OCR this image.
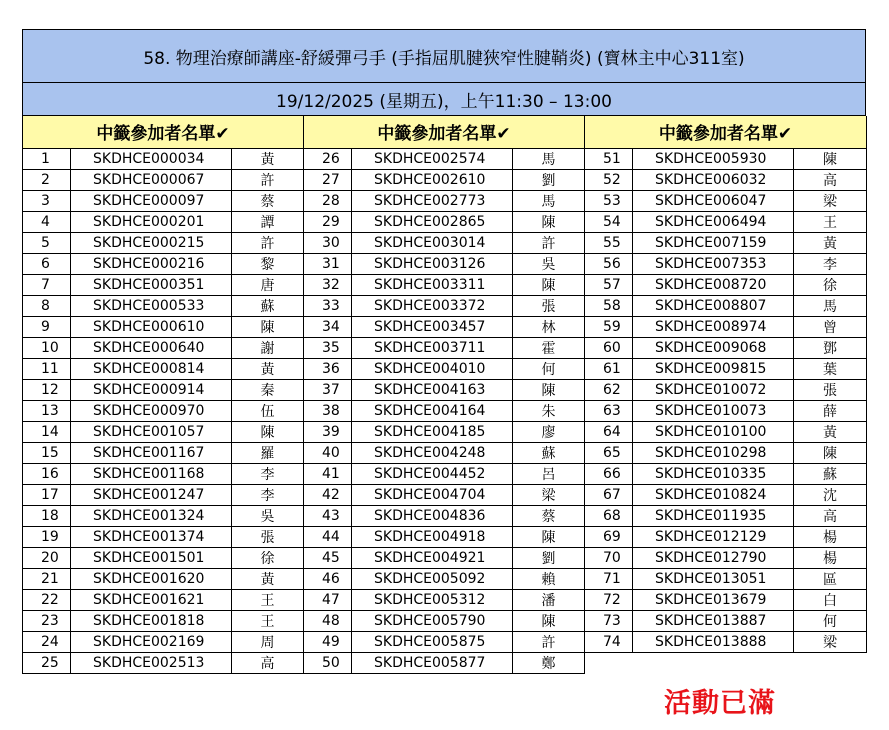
58. 物理治療師講座-舒緩彈弓手 (手指屈肌腱狹窄性腱鞘炎) (寶林主中心311室)
19/12/2025 (星期五)，上午11:30 – 13:00
中籤參加者名單✔			中籤參加者名單✔			中籤參加者名單✔		
1	SKDHCE000034	黃	26	SKDHCE002574	馬	51	SKDHCE005930	陳
2	SKDHCE000067	許	27	SKDHCE002610	劉	52	SKDHCE006032	高
3	SKDHCE000097	蔡	28	SKDHCE002773	馬	53	SKDHCE006047	梁
4	SKDHCE000201	譚	29	SKDHCE002865	陳	54	SKDHCE006494	王
5	SKDHCE000215	許	30	SKDHCE003014	許	55	SKDHCE007159	黃
6	SKDHCE000216	黎	31	SKDHCE003126	吳	56	SKDHCE007353	李
7	SKDHCE000351	唐	32	SKDHCE003311	陳	57	SKDHCE008720	徐
8	SKDHCE000533	蘇	33	SKDHCE003372	張	58	SKDHCE008807	馬
9	SKDHCE000610	陳	34	SKDHCE003457	林	59	SKDHCE008974	曾
10	SKDHCE000640	謝	35	SKDHCE003711	霍	60	SKDHCE009068	鄧
11	SKDHCE000814	黃	36	SKDHCE004010	何	61	SKDHCE009815	葉
12	SKDHCE000914	秦	37	SKDHCE004163	陳	62	SKDHCE010072	張
13	SKDHCE000970	伍	38	SKDHCE004164	朱	63	SKDHCE010073	薛
14	SKDHCE001057	陳	39	SKDHCE004185	廖	64	SKDHCE010100	黃
15	SKDHCE001167	羅	40	SKDHCE004248	蘇	65	SKDHCE010298	陳
16	SKDHCE001168	李	41	SKDHCE004452	呂	66	SKDHCE010335	蘇
17	SKDHCE001247	李	42	SKDHCE004704	梁	67	SKDHCE010824	沈
18	SKDHCE001324	吳	43	SKDHCE004836	蔡	68	SKDHCE011935	高
19	SKDHCE001374	張	44	SKDHCE004918	陳	69	SKDHCE012129	楊
20	SKDHCE001501	徐	45	SKDHCE004921	劉	70	SKDHCE012790	楊
21	SKDHCE001620	黃	46	SKDHCE005092	賴	71	SKDHCE013051	區
22	SKDHCE001621	王	47	SKDHCE005312	潘	72	SKDHCE013679	白
23	SKDHCE001818	王	48	SKDHCE005790	陳	73	SKDHCE013887	何
24	SKDHCE002169	周	49	SKDHCE005875	許	74	SKDHCE013888	梁
25	SKDHCE002513	高	50	SKDHCE005877	鄭			
活動已滿
